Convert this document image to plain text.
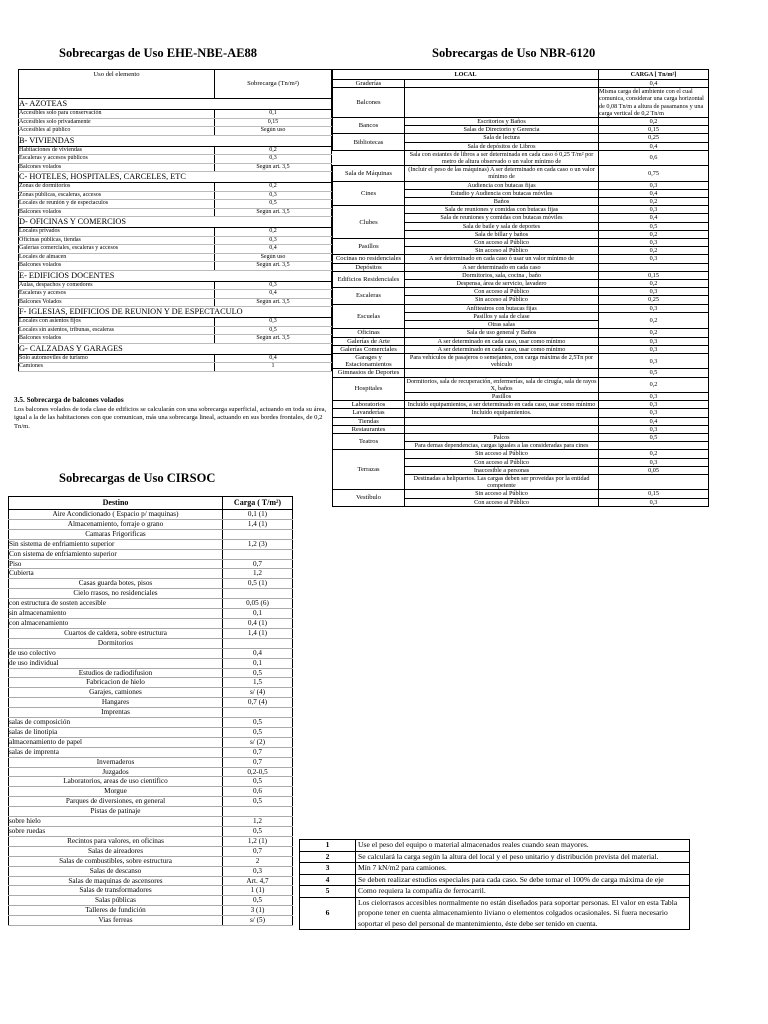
Sobrecargas de Uso EHE-NBE-AE88	Sobrecargas de Uso NBR-6120
Sobrecargas de Uso CIRSOC
Uso del elemento	Sobrecarga (Tn/m²)
A- AZOTEAS	
Accesibles solo para conservación	0,1
Accesibles solo privadamente	0,15
Accesibles al público	Según uso
B- VIVIENDAS	
Habitaciones de viviendas	0,2
Escaleras y accesos públicos	0,3
Balcones volados	Según art. 3,5
C- HOTELES, HOSPITALES, CARCELES, ETC	
Zonas de dormitorios	0,2
Zonas públicas, escaleras, accesos	0,3
Locales de reunión y de espectaculos	0,5
Balcones volados	Según art. 3,5
D- OFICINAS Y COMERCIOS	
Locales privados	0,2
Oficinas públicas, tiendas	0,3
Galerías comerciales, escaleras y accesos	0,4
Locales de almacen	Según uso
Balcones volados	Según art. 3,5
E- EDIFICIOS DOCENTES	
Aulas, despachos y comedores	0,3
Escaleras y accesos	0,4
Balcones Volados	Según art. 3,5
F- IGLESIAS, EDIFICIOS DE REUNION Y DE ESPECTACULO	
Locales con asientos fijos	0,3
Locales sin asientos, tribunas, escaleras	0,5
Balcones volados	Según art. 3,5
G- CALZADAS Y GARAGES	
Solo automoviles de turismo	0,4
Camiones	1
3.5. Sobrecarga de balcones volados
Los balcones volados de toda clase de edificios se calcularán con una sobrecarga superficial, actuando en toda su área, igual a la de las habitaciones con que comunican, más una sobrecarga lineal, actuando en sus bordes frontales, de 0,2 Tn/m.
LOCAL		CARGA [ Tn/m²]
Graderías		0,4
Balcones		Misma carga del ambiente con el cual comunica, considerar una carga horizontal de 0,08 Tn/m a altura de pasamanos y una carga vertical de 0,2 Tn/m

Bancos	Escritorios y Baños	0,2
	Salas de Directorio y Gerencia	0,15
Bibliotecas	Sala de lectura	0,25
	Sala de depósitos de Libros	0,4
	Sala con estantes de libros a ser determinada en cada caso ó 0,25 T/m² por metro de altura observado o un valor mínimo de	0,6

Sala de Máquinas	(Incluir el peso de las máquinas) A ser determinado en cada caso o un valor mínimo de	0,75

Cines	Audiencia con butacas fijas	0,3
	Estudio y Audiencia con butacas móviles	0,4
	Baños	0,2
Clubes	Sala de reuniones y comidas con butacas fijas	0,3
	Sala de reuniones y comidas con butacas móviles	0,4
	Sala de baile y sala de deportes	0,5
	Sala de billar y baños	0,2
Pasillos	Con acceso al Público	0,3
	Sin acceso al Público	0,2
Cocinas no residenciales	A ser determinado en cada caso ó usar un valor mínimo de	0,3

Depósitos	A ser determinado en cada caso	
Edificios Residenciales	Dormitorios, sala, cocina , baño	0,15
	Despensa, área de servicio, lavadero	0,2
Escaleras	Con acceso al Público	0,3
	Sin acceso al Público	0,25
Escuelas	Anfiteatros con butacas fijas	0,3
	Pasillos y sala de clase	0,2
	Otras salas	
Oficinas	Sala de uso general y Baños	0,2
Galerías de Arte	A ser determinado en cada caso, usar como mínimo	0,3
Galerías Comerciales	A ser determinado en cada caso, usar como mínimo	0,3
Garages y Estacionamientos	Para vehículos de pasajeros o semejantes, con carga máxima de 2,5Tn por vehículo	0,3

Gimnasios de Deportes		0,5
Hospitales	Dormitorios, sala de recuperación, enfermerías, sala de cirugía, sala de rayos X, baños	0,2

	Pasillos	0,3
Laboratorios	Incluido equipamientos, a ser determinado en cada caso, usar como mínimo	0,3

Lavanderías	Incluido equipamientos.	0,3
Tiendas		0,4
Restaurantes		0,3
Teatros	Palcos	0,5
	Para demas dependencias, cargas iguales a las consideradas para cines	

Terrazas	Sin acceso al Público	0,2
	Con acceso al Público	0,3
	Inaccesible a personas	0,05
	Destinadas a helipuertos. Las cargas deben ser proveidas por la entidad competente	

Vestíbulo	Sin acceso al Público	0,15
	Con acceso al Público	0,3
Destino	Carga ( T/m²)
Aire Acondicionado ( Espacio p/ maquinas)	0,1 (1)
Almacenamiento, forraje o grano	1,4 (1)
Camaras Frigorificas	
Sin sistema de enfriamiento superior	1,2 (3)
Con sistema de enfriamiento superior	
Piso	0,7
Cubierta	1,2
Casas guarda botes, pisos	0,5 (1)
Cielo rrasos, no residenciales	
con estructura de sosten accesible	0,05 (6)
sin almacenamiento	0,1
con almacenamiento	0,4 (1)
Cuartos de caldera, sobre estructura	1,4 (1)
Dormitorios	
de uso colectivo	0,4
de uso individual	0,1
Estudios de radiodifusion	0,5
Fabricacion de hielo	1,5
Garajes, camiones	s/ (4)
Hangares	0,7 (4)
Imprentas	
salas de composición	0,5
salas de linotipia	0,5
almacenamiento de papel	s/ (2)
salas de imprenta	0,7
Invernaderos	0,7
Juzgados	0,2-0,5
Laboratorios, areas de uso cientifico	0,5
Morgue	0,6
Parques de diversiones, en general	0,5
Pistas de patinaje	
sobre hielo	1,2
sobre ruedas	0,5
Recintos para valores, en oficinas	1,2 (1)
Salas de aireadores	0,7
Salas de combustibles, sobre estructura	2
Salas de descanso	0,3
Salas de maquinas de ascensores	Art. 4,7
Salas de transformadores	1 (1)
Salas públicas	0,5
Talleres de fundición	3 (1)
Vias ferreas	s/ (5)
1	Use el peso del equipo o material almacenados reales cuando sean mayores.
2	Se calculará la carga según la altura del local y el peso unitario y distribución prevista del material.
3	Mín 7 kN/m2 para camiones.
4	Se deben realizar estudios especiales para cada caso. Se debe tomar el 100% de carga máxima de eje
5	Como requiera la compañía de ferrocarril.
6	Los cielorrasos accesibles normalmente no están diseñados para soportar personas. El valor en esta Tabla propone tener en cuenta almacenamiento liviano o elementos colgados ocasionales. Si fuera necesario soportar el peso del personal de mantenimiento, éste debe ser tenido en cuenta.
